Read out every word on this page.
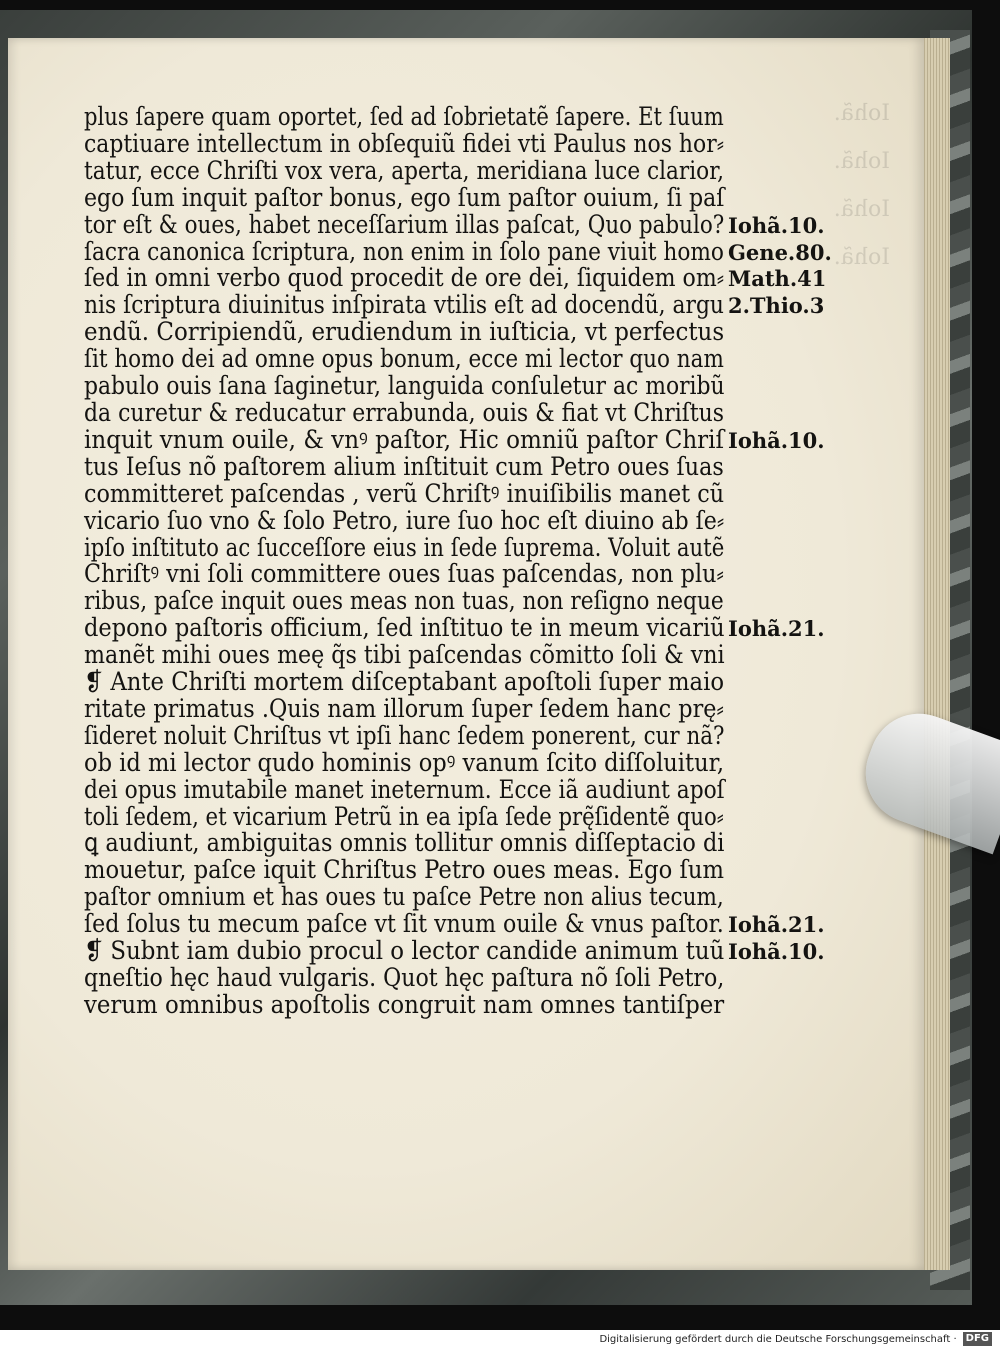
Iohã.
Iohã.
Iohã.
Iohã.
plus ſapere quam oportet, ſed ad ſobrietatẽ ſapere. Et ſuum
captiuare intellectum in obſequiũ fidei vti Paulus nos hor⸗
tatur, ecce Chriſti vox vera, aperta, meridiana luce clarior,
ego ſum inquit paſtor bonus, ego ſum paſtor ouium, ſi paſ
tor eſt & oues, habet neceſſarium illas paſcat, Quo pabulo?
ſacra canonica ſcriptura, non enim in ſolo pane viuit homo
ſed in omni verbo quod procedit de ore dei, ſiquidem om⸗
nis ſcriptura diuinitus inſpirata vtilis eſt ad docendũ, argu
endũ. Corripiendũ, erudiendum in iuſticia, vt perfectus
ſit homo dei ad omne opus bonum, ecce mi lector quo nam
pabulo ouis ſana ſaginetur, languida conſuletur ac moribũ
da curetur & reducatur errabunda, ouis & fiat vt Chriſtus
inquit vnum ouile, & vnꝰ paſtor, Hic omniũ paſtor Chriſ
tus Ieſus nõ paſtorem alium inſtituit cum Petro oues ſuas
committeret paſcendas , verũ Chriſtꝰ inuiſibilis manet cũ
vicario ſuo vno & ſolo Petro, iure ſuo hoc eſt diuino ab ſe⸗
ipſo inſtituto ac ſucceſſore eius in ſede ſuprema. Voluit autẽ
Chriſtꝰ vni ſoli committere oues ſuas paſcendas, non plu⸗
ribus, paſce inquit oues meas non tuas, non reſigno neque
depono paſtoris officium, ſed inſtituo te in meum vicariũ
manẽt mihi oues meę q̃s tibi paſcendas cõmitto ſoli & vni
❡ Ante Chriſti mortem diſceptabant apoſtoli ſuper maio
ritate primatus .Quis nam illorum ſuper ſedem hanc prę⸗
ſideret noluit Chriſtus vt ipſi hanc ſedem ponerent, cur nã?
ob id mi lector qudo hominis opꝰ vanum ſcito diſſoluitur,
dei opus imutabile manet ineternum. Ecce iã audiunt apoſ
toli ſedem, et vicarium Petrũ in ea ipſa ſede prę̃ſidentẽ quo⸗
ꝗ audiunt, ambiguitas omnis tollitur omnis diſſeptacio di
mouetur, paſce iquit Chriſtus Petro oues meas. Ego ſum
paſtor omnium et has oues tu paſce Petre non alius tecum,
ſed ſolus tu mecum paſce vt ſit vnum ouile & vnus paſtor.
❡ Subnt iam dubio procul o lector candide animum tuũ
qneſtio hęc haud vulgaris. Quot hęc paſtura nõ ſoli Petro,
verum omnibus apoſtolis congruit nam omnes tantiſper
Iohã.10.
Gene.80.
Math.41
2.Thio.3
Iohã.10.
Iohã.21.
Iohã.21.
Iohã.10.
Digitalisierung gefördert durch die Deutsche Forschungsgemeinschaft · DFG
